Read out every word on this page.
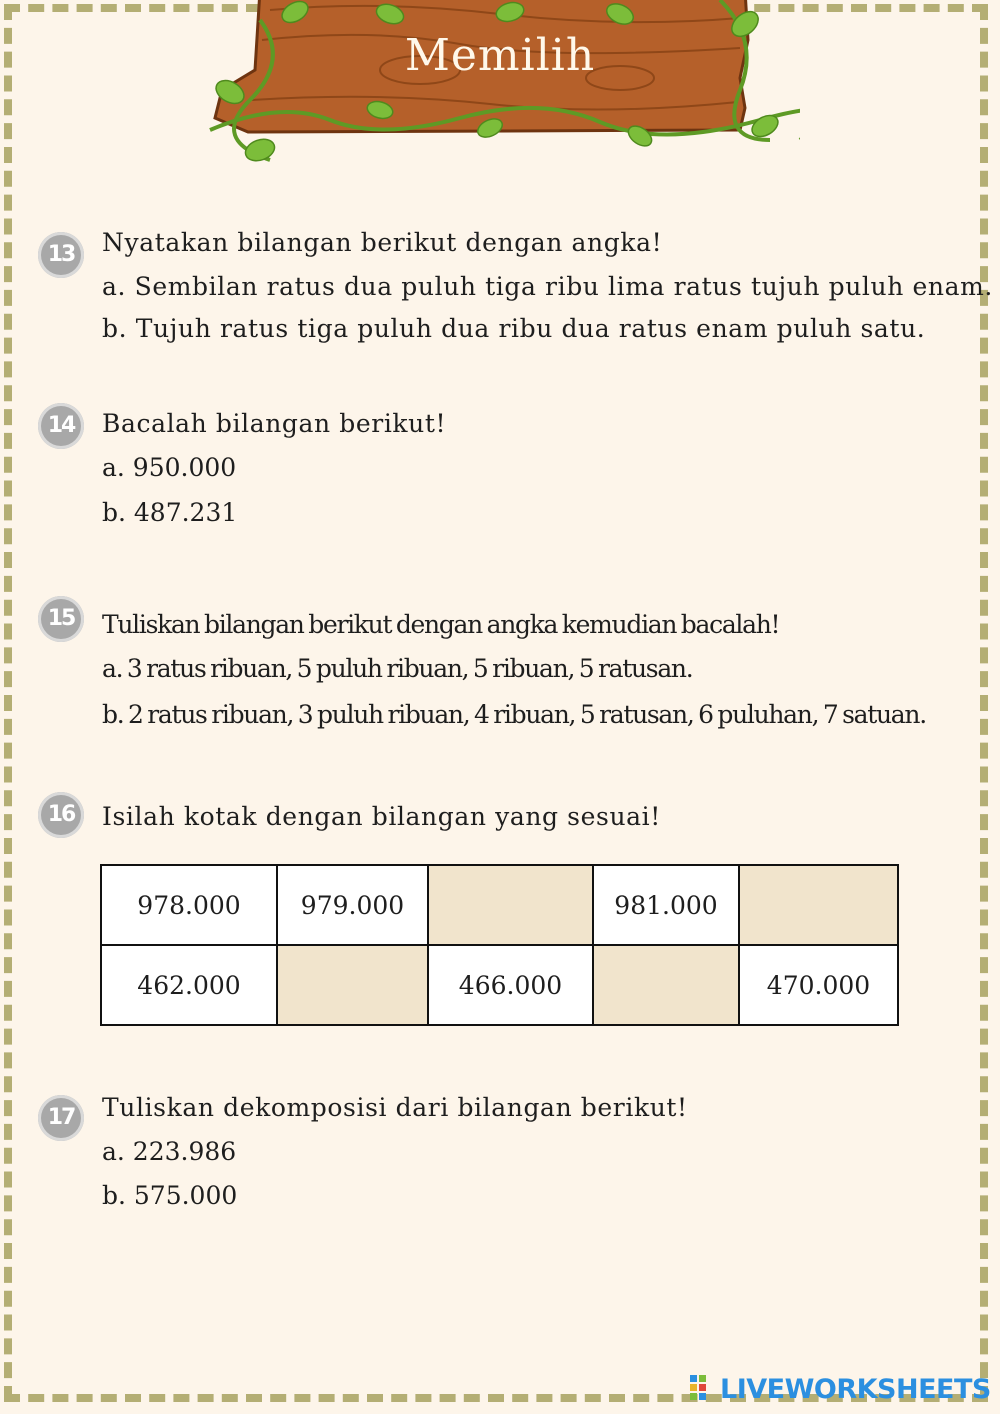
Memilih
13	Nyatakan bilangan berikut dengan angka!
a. Sembilan ratus dua puluh tiga ribu lima ratus tujuh puluh enam.
b. Tujuh ratus tiga puluh dua ribu dua ratus enam puluh satu.
14	Bacalah bilangan berikut!
a. 950.000
b. 487.231
15	Tuliskan bilangan berikut dengan angka kemudian bacalah!
a. 3 ratus ribuan, 5 puluh ribuan, 5 ribuan, 5 ratusan.
b. 2 ratus ribuan, 3 puluh ribuan, 4 ribuan, 5 ratusan, 6 puluhan, 7 satuan.
16	Isilah kotak dengan bilangan yang sesuai!
978.000	979.000		981.000	
462.000		466.000		470.000
17	Tuliskan dekomposisi dari bilangan berikut!
a. 223.986
b. 575.000
LIVEWORKSHEETS
